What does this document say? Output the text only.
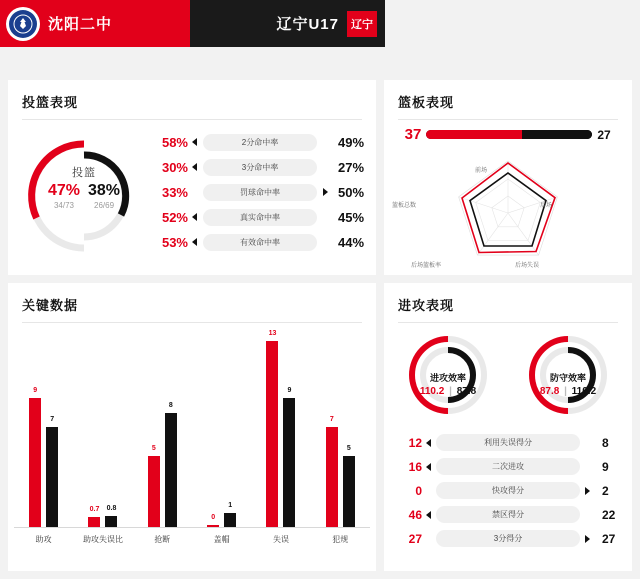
沈阳二中	辽宁U17	辽宁
投篮表现
投篮
47%
34/73
38%
26/69
58%	2分命中率	49%
30%	3分命中率	27%
33%	罚球命中率	50%
52%	真实命中率	45%
53%	有效命中率	44%
篮板表现
37	27
前场
后场
后场失误
后场篮板率
篮板总数
关键数据
9
7
0.7 0.8
5
8
0
1
13
9
7
5
助攻	助攻失误比	抢断	盖帽	失误	犯规
进攻表现
进攻效率
110.2 | 87.8
防守效率
87.8 | 110.2
12	利用失误得分	8
16	二次进攻	9
0	快攻得分	2
46	禁区得分	22
27	3分得分	27
